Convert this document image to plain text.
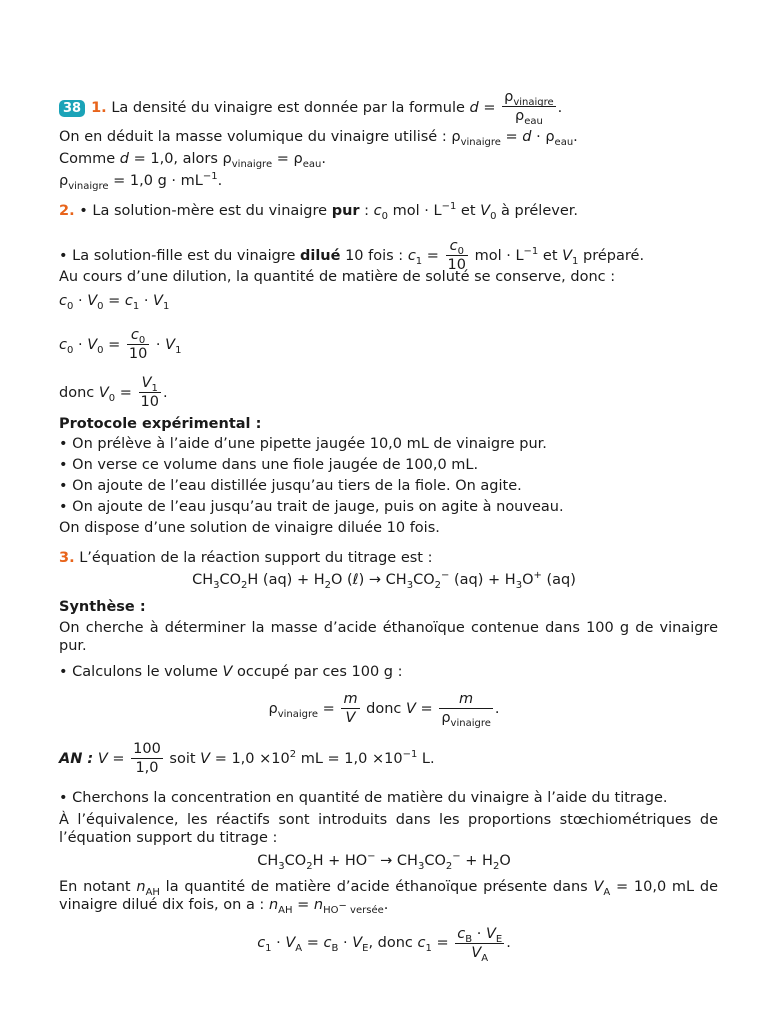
38 1. La densité du vinaigre est donnée par la formule $d = \frac{\rho_{vinaigre}}{\rho_{eau}}$ .
On en déduit la masse volumique du vinaigre utilisé : $\rho_{vinaigre} = d \cdot \rho_{eau}$.
Comme d = 1,0, alors $\rho_{vinaigre} = \rho_{eau}$.
$\rho_{vinaigre} = 1,0$ $g \cdot mL^{-1}$.
2. • La solution-mère est du vinaigre pur : $c_0$ mol · $L^{-1}$ et $V_0$ à prélever.
• La solution-fille est du vinaigre dilué 10 fois : $c_1 = \frac{c_0}{10}$ mol · $L^{-1}$ et $V_1$ préparé.
Au cours d’une dilution, la quantité de matière de soluté se conserve, donc :
$c_0 \cdot V_0 = c_1 \cdot V_1$
$c_0 \cdot V_0 = \frac{c_0}{10} \cdot V_1$
donc $V_0 = \frac{V_1}{10}$ .
Protocole expérimental :
• On prélève à l’aide d’une pipette jaugée 10,0 mL de vinaigre pur.
• On verse ce volume dans une fiole jaugée de 100,0 mL.
• On ajoute de l’eau distillée jusqu’au tiers de la fiole. On agite.
• On ajoute de l’eau jusqu’au trait de jauge, puis on agite à nouveau.
On dispose d’une solution de vinaigre diluée 10 fois.
3. L’équation de la réaction support du titrage est :
$CH_3CO_2H$ $(aq) + H_2O$ (ℓ) → $CH_3CO_2^-$ $(aq) + H_3O^+$ (aq)
Synthèse :
On cherche à déterminer la masse d’acide éthanoïque contenue dans 100 g de vinaigre pur.
• Calculons le volume V occupé par ces 100 g :
$\rho_{vinaigre} = \frac{m}{V}$ donc $V = \frac{m}{\rho_{vinaigre}}$ .
AN : $V = \frac{100}{1,0}$ soit $V = 1,0 \times 10^2$ mL = $1,0 \times 10^{-1}$ L.
• Cherchons la concentration en quantité de matière du vinaigre à l’aide du titrage.
À l’équivalence, les réactifs sont introduits dans les proportions stœchiométriques de l’équation support du titrage :
$CH_3CO_2H + HO^- \to CH_3CO_2^- + H_2O$
En notant $n_{AH}$ la quantité de matière d’acide éthanoïque présente dans $V_A = 10,0$ mL de vinaigre dilué dix fois, on a : $n_{AH} = n_{HO^- versée}$.
$c_1 \cdot V_A = c_B \cdot V_E$, donc $c_1 = \frac{c_B \cdot V_E}{V_A}$ .
